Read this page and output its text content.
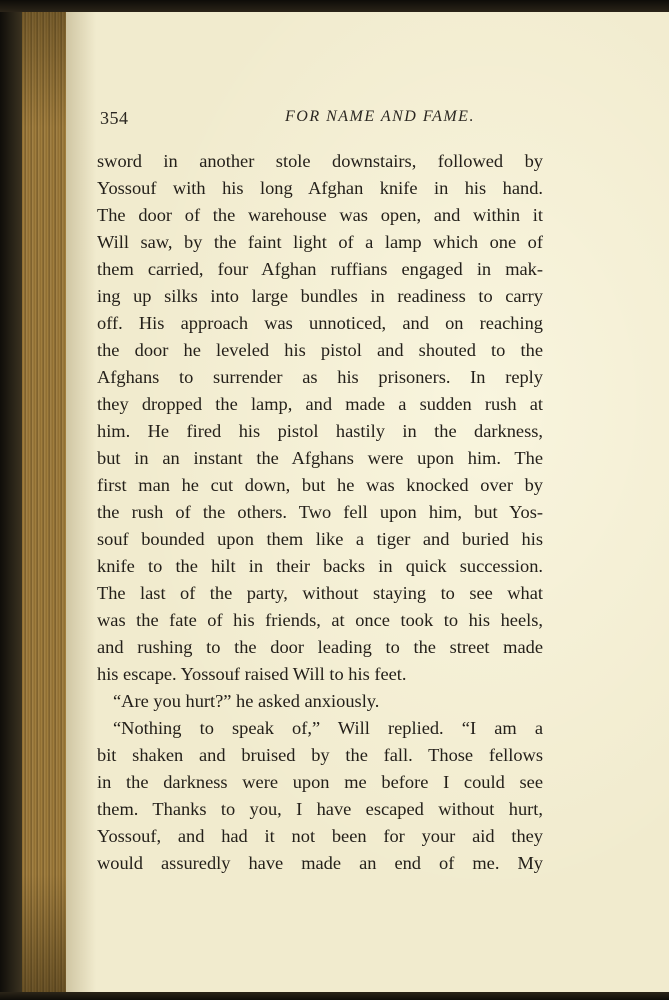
354	FOR NAME AND FAME.
sword in another stole downstairs, followed by
Yossouf with his long Afghan knife in his hand.
The door of the warehouse was open, and within it
Will saw, by the faint light of a lamp which one of
them carried, four Afghan ruffians engaged in mak-
ing up silks into large bundles in readiness to carry
off. His approach was unnoticed, and on reaching
the door he leveled his pistol and shouted to the
Afghans to surrender as his prisoners. In reply
they dropped the lamp, and made a sudden rush at
him. He fired his pistol hastily in the darkness,
but in an instant the Afghans were upon him. The
first man he cut down, but he was knocked over by
the rush of the others. Two fell upon him, but Yos-
souf bounded upon them like a tiger and buried his
knife to the hilt in their backs in quick succession.
The last of the party, without staying to see what
was the fate of his friends, at once took to his heels,
and rushing to the door leading to the street made
his escape. Yossouf raised Will to his feet.
“Are you hurt?” he asked anxiously.
“Nothing to speak of,” Will replied. “I am a
bit shaken and bruised by the fall. Those fellows
in the darkness were upon me before I could see
them. Thanks to you, I have escaped without hurt,
Yossouf, and had it not been for your aid they
would assuredly have made an end of me. My
